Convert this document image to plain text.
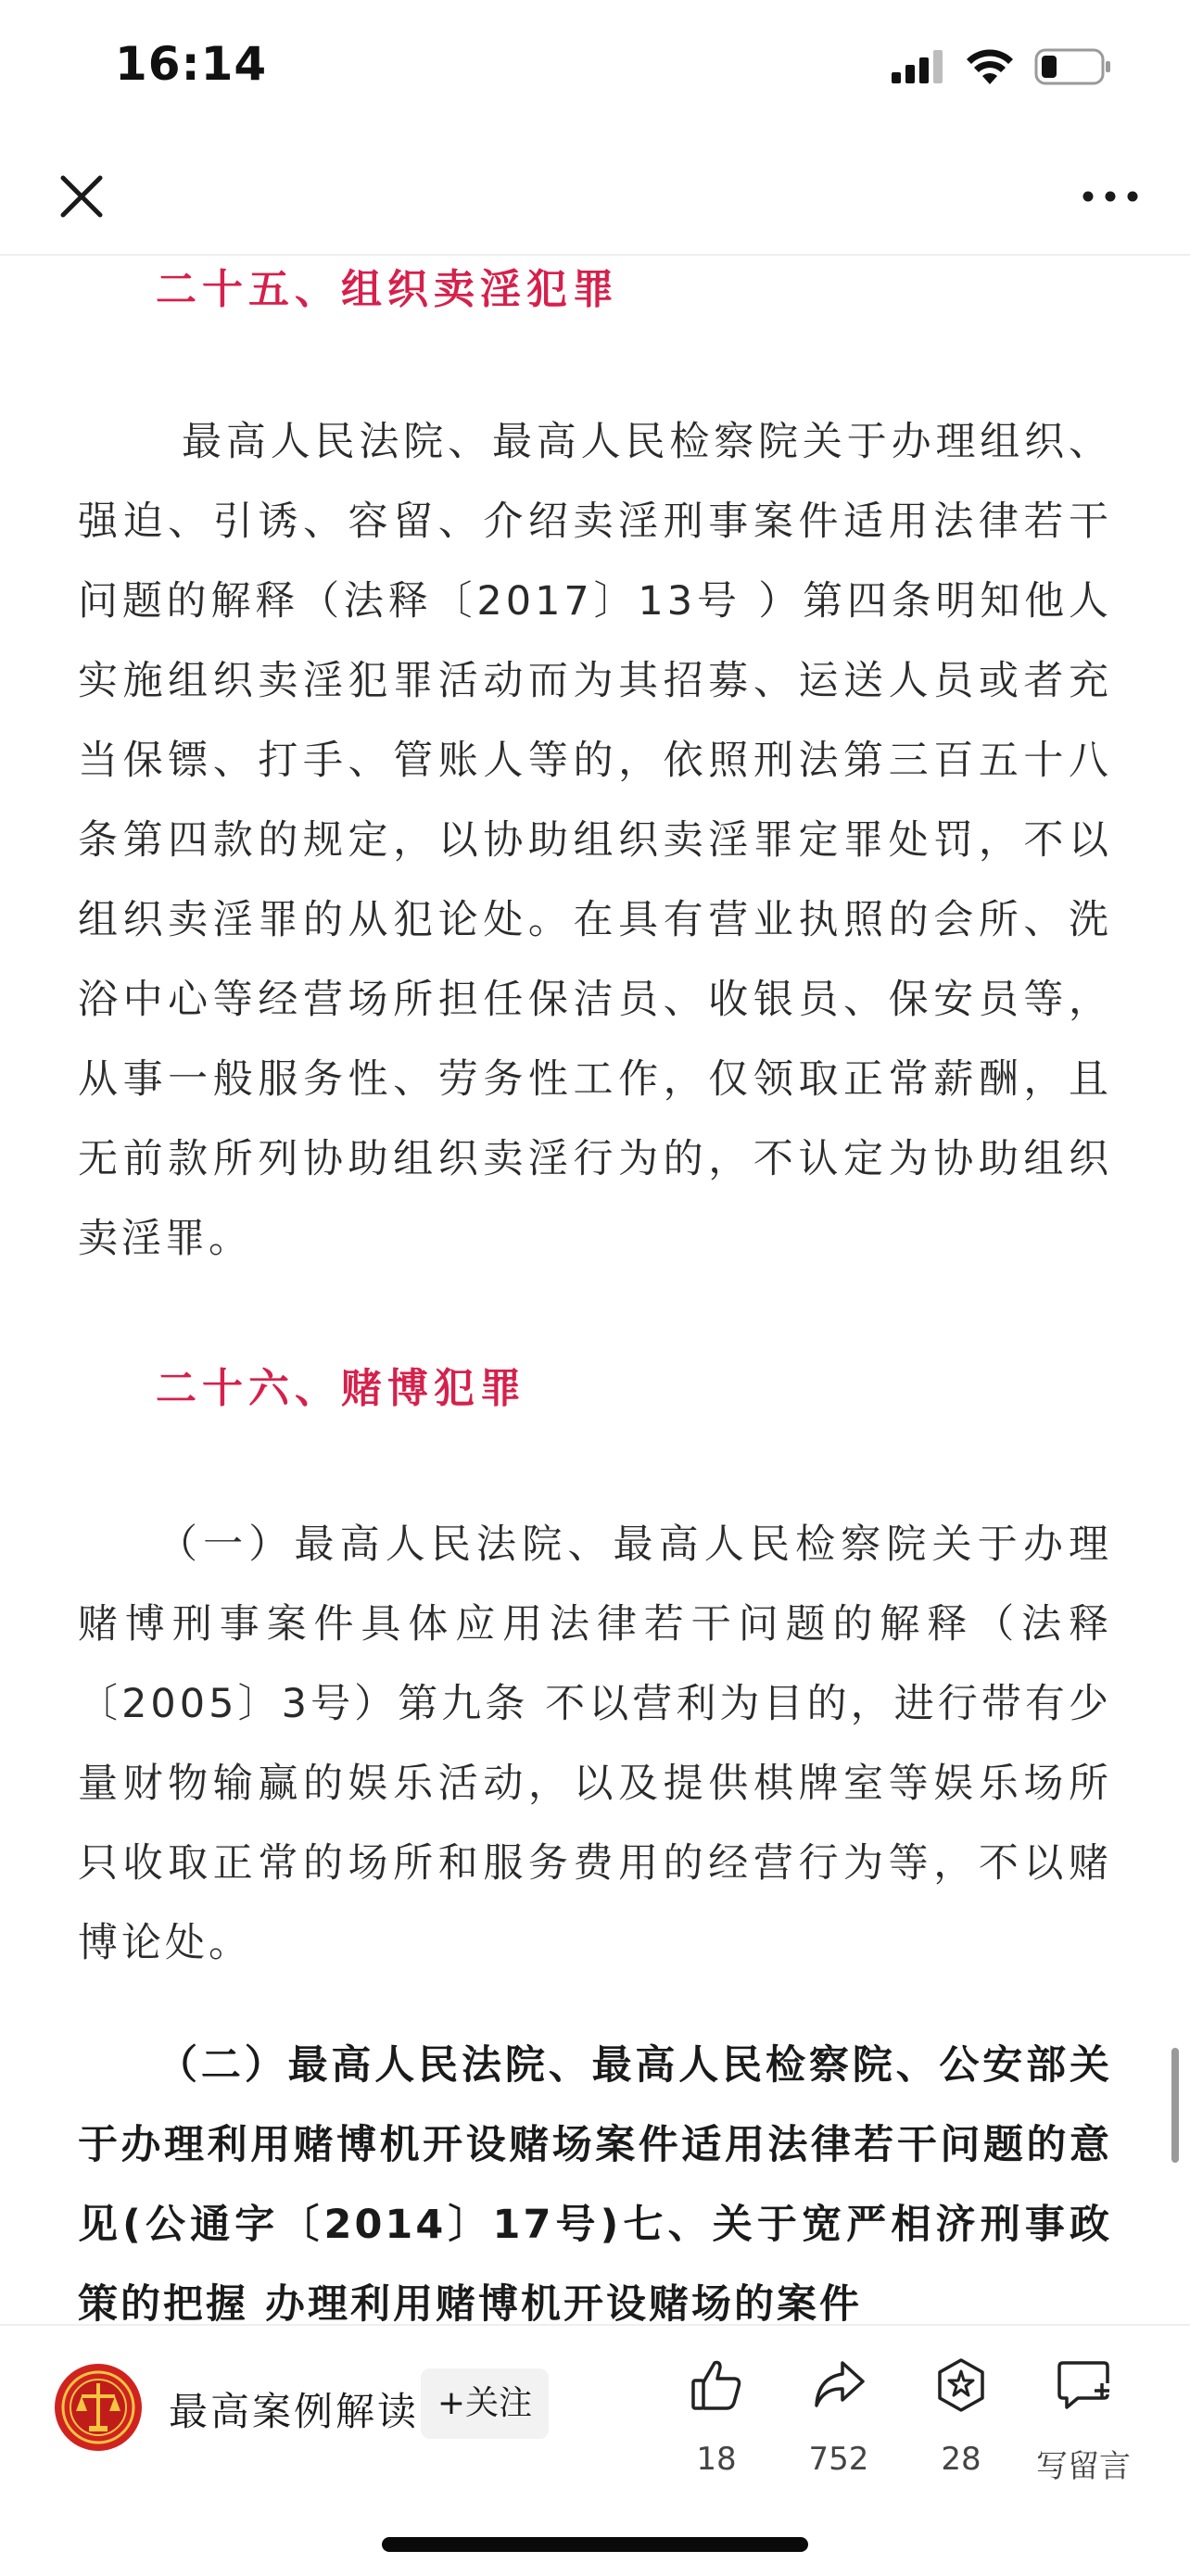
16:14
二十五、组织卖淫犯罪

最高人民法院、最高人民检察院关于办理组织、强迫、引诱、容留、介绍卖淫刑事案件适用法律若干问题的解释（法释〔2017〕13号 ）第四条明知他人实施组织卖淫犯罪活动而为其招募、运送人员或者充当保镖、打手、管账人等的，依照刑法第三百五十八条第四款的规定，以协助组织卖淫罪定罪处罚，不以组织卖淫罪的从犯论处。在具有营业执照的会所、洗浴中心等经营场所担任保洁员、收银员、保安员等，从事一般服务性、劳务性工作，仅领取正常薪酬，且无前款所列协助组织卖淫行为的，不认定为协助组织卖淫罪。

二十六、赌博犯罪

（一）最高人民法院、最高人民检察院关于办理赌博刑事案件具体应用法律若干问题的解释（法释〔2005〕3号）第九条 不以营利为目的，进行带有少量财物输赢的娱乐活动，以及提供棋牌室等娱乐场所只收取正常的场所和服务费用的经营行为等，不以赌博论处。

（二）最高人民法院、最高人民检察院、公安部关于办理利用赌博机开设赌场案件适用法律若干问题的意见(公通字〔2014〕17号)七、关于宽严相济刑事政策的把握 办理利用赌博机开设赌场的案件

最高案例解读 +关注
18	752	28	写留言
